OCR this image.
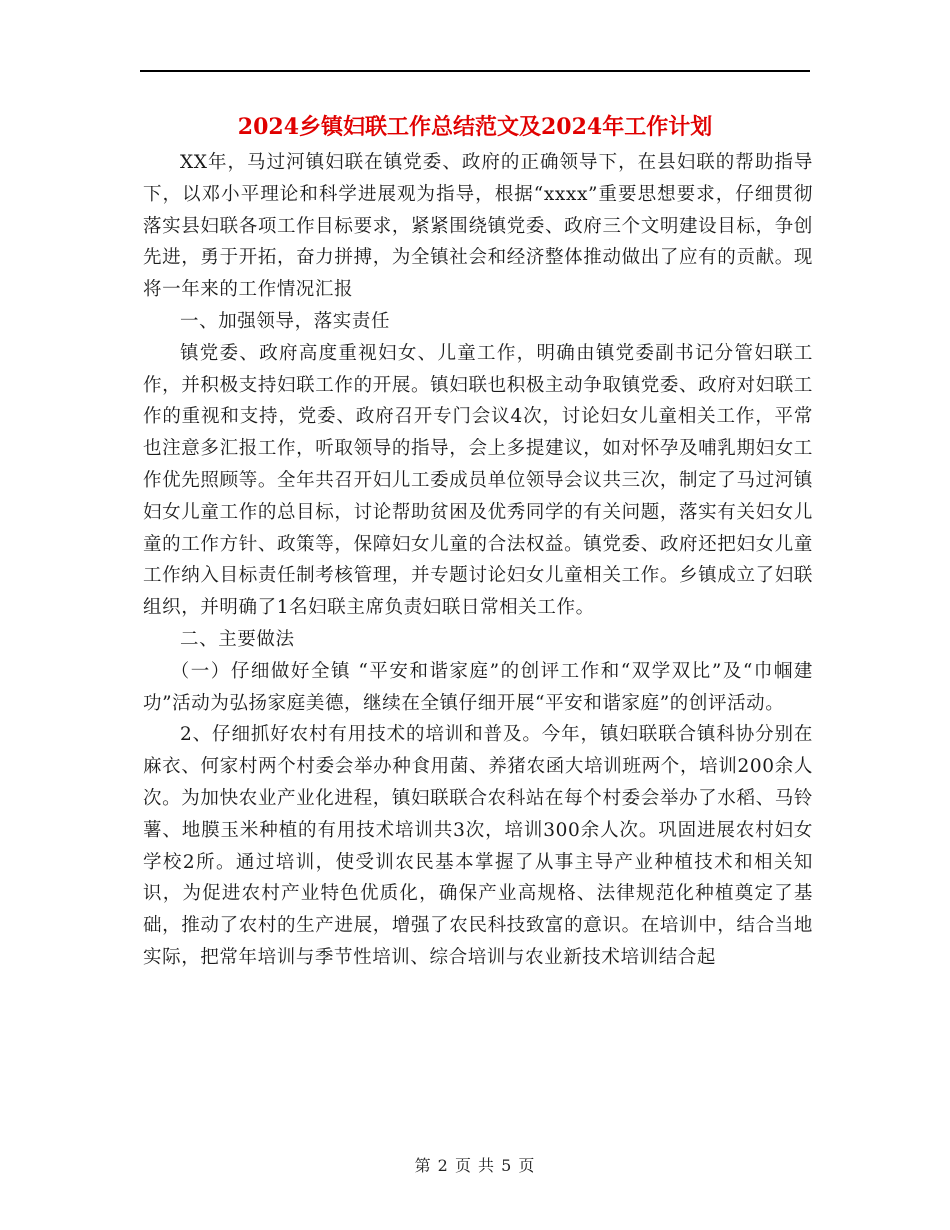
2024乡镇妇联工作总结范文及2024年工作计划

XX年，马过河镇妇联在镇党委、政府的正确领导下，在县妇联的帮助指导下，以邓小平理论和科学进展观为指导，根据“xxxx”重要思想要求，仔细贯彻落实县妇联各项工作目标要求，紧紧围绕镇党委、政府三个文明建设目标，争创先进，勇于开拓，奋力拼搏，为全镇社会和经济整体推动做出了应有的贡献。现将一年来的工作情况汇报

一、加强领导，落实责任

镇党委、政府高度重视妇女、儿童工作，明确由镇党委副书记分管妇联工作，并积极支持妇联工作的开展。镇妇联也积极主动争取镇党委、政府对妇联工作的重视和支持，党委、政府召开专门会议4次，讨论妇女儿童相关工作，平常也注意多汇报工作，听取领导的指导，会上多提建议，如对怀孕及哺乳期妇女工作优先照顾等。全年共召开妇儿工委成员单位领导会议共三次，制定了马过河镇妇女儿童工作的总目标，讨论帮助贫困及优秀同学的有关问题，落实有关妇女儿童的工作方针、政策等，保障妇女儿童的合法权益。镇党委、政府还把妇女儿童工作纳入目标责任制考核管理，并专题讨论妇女儿童相关工作。乡镇成立了妇联组织，并明确了1名妇联主席负责妇联日常相关工作。

二、主要做法

（一）仔细做好全镇 “平安和谐家庭”的创评工作和“双学双比”及“巾帼建功”活动为弘扬家庭美德，继续在全镇仔细开展“平安和谐家庭”的创评活动。

2、仔细抓好农村有用技术的培训和普及。今年，镇妇联联合镇科协分别在麻衣、何家村两个村委会举办种食用菌、养猪农函大培训班两个，培训200余人次。为加快农业产业化进程，镇妇联联合农科站在每个村委会举办了水稻、马铃薯、地膜玉米种植的有用技术培训共3次，培训300余人次。巩固进展农村妇女学校2所。通过培训，使受训农民基本掌握了从事主导产业种植技术和相关知识，为促进农村产业特色优质化，确保产业高规格、法律规范化种植奠定了基础，推动了农村的生产进展，增强了农民科技致富的意识。在培训中，结合当地实际，把常年培训与季节性培训、综合培训与农业新技术培训结合起

第 2 页 共 5 页
